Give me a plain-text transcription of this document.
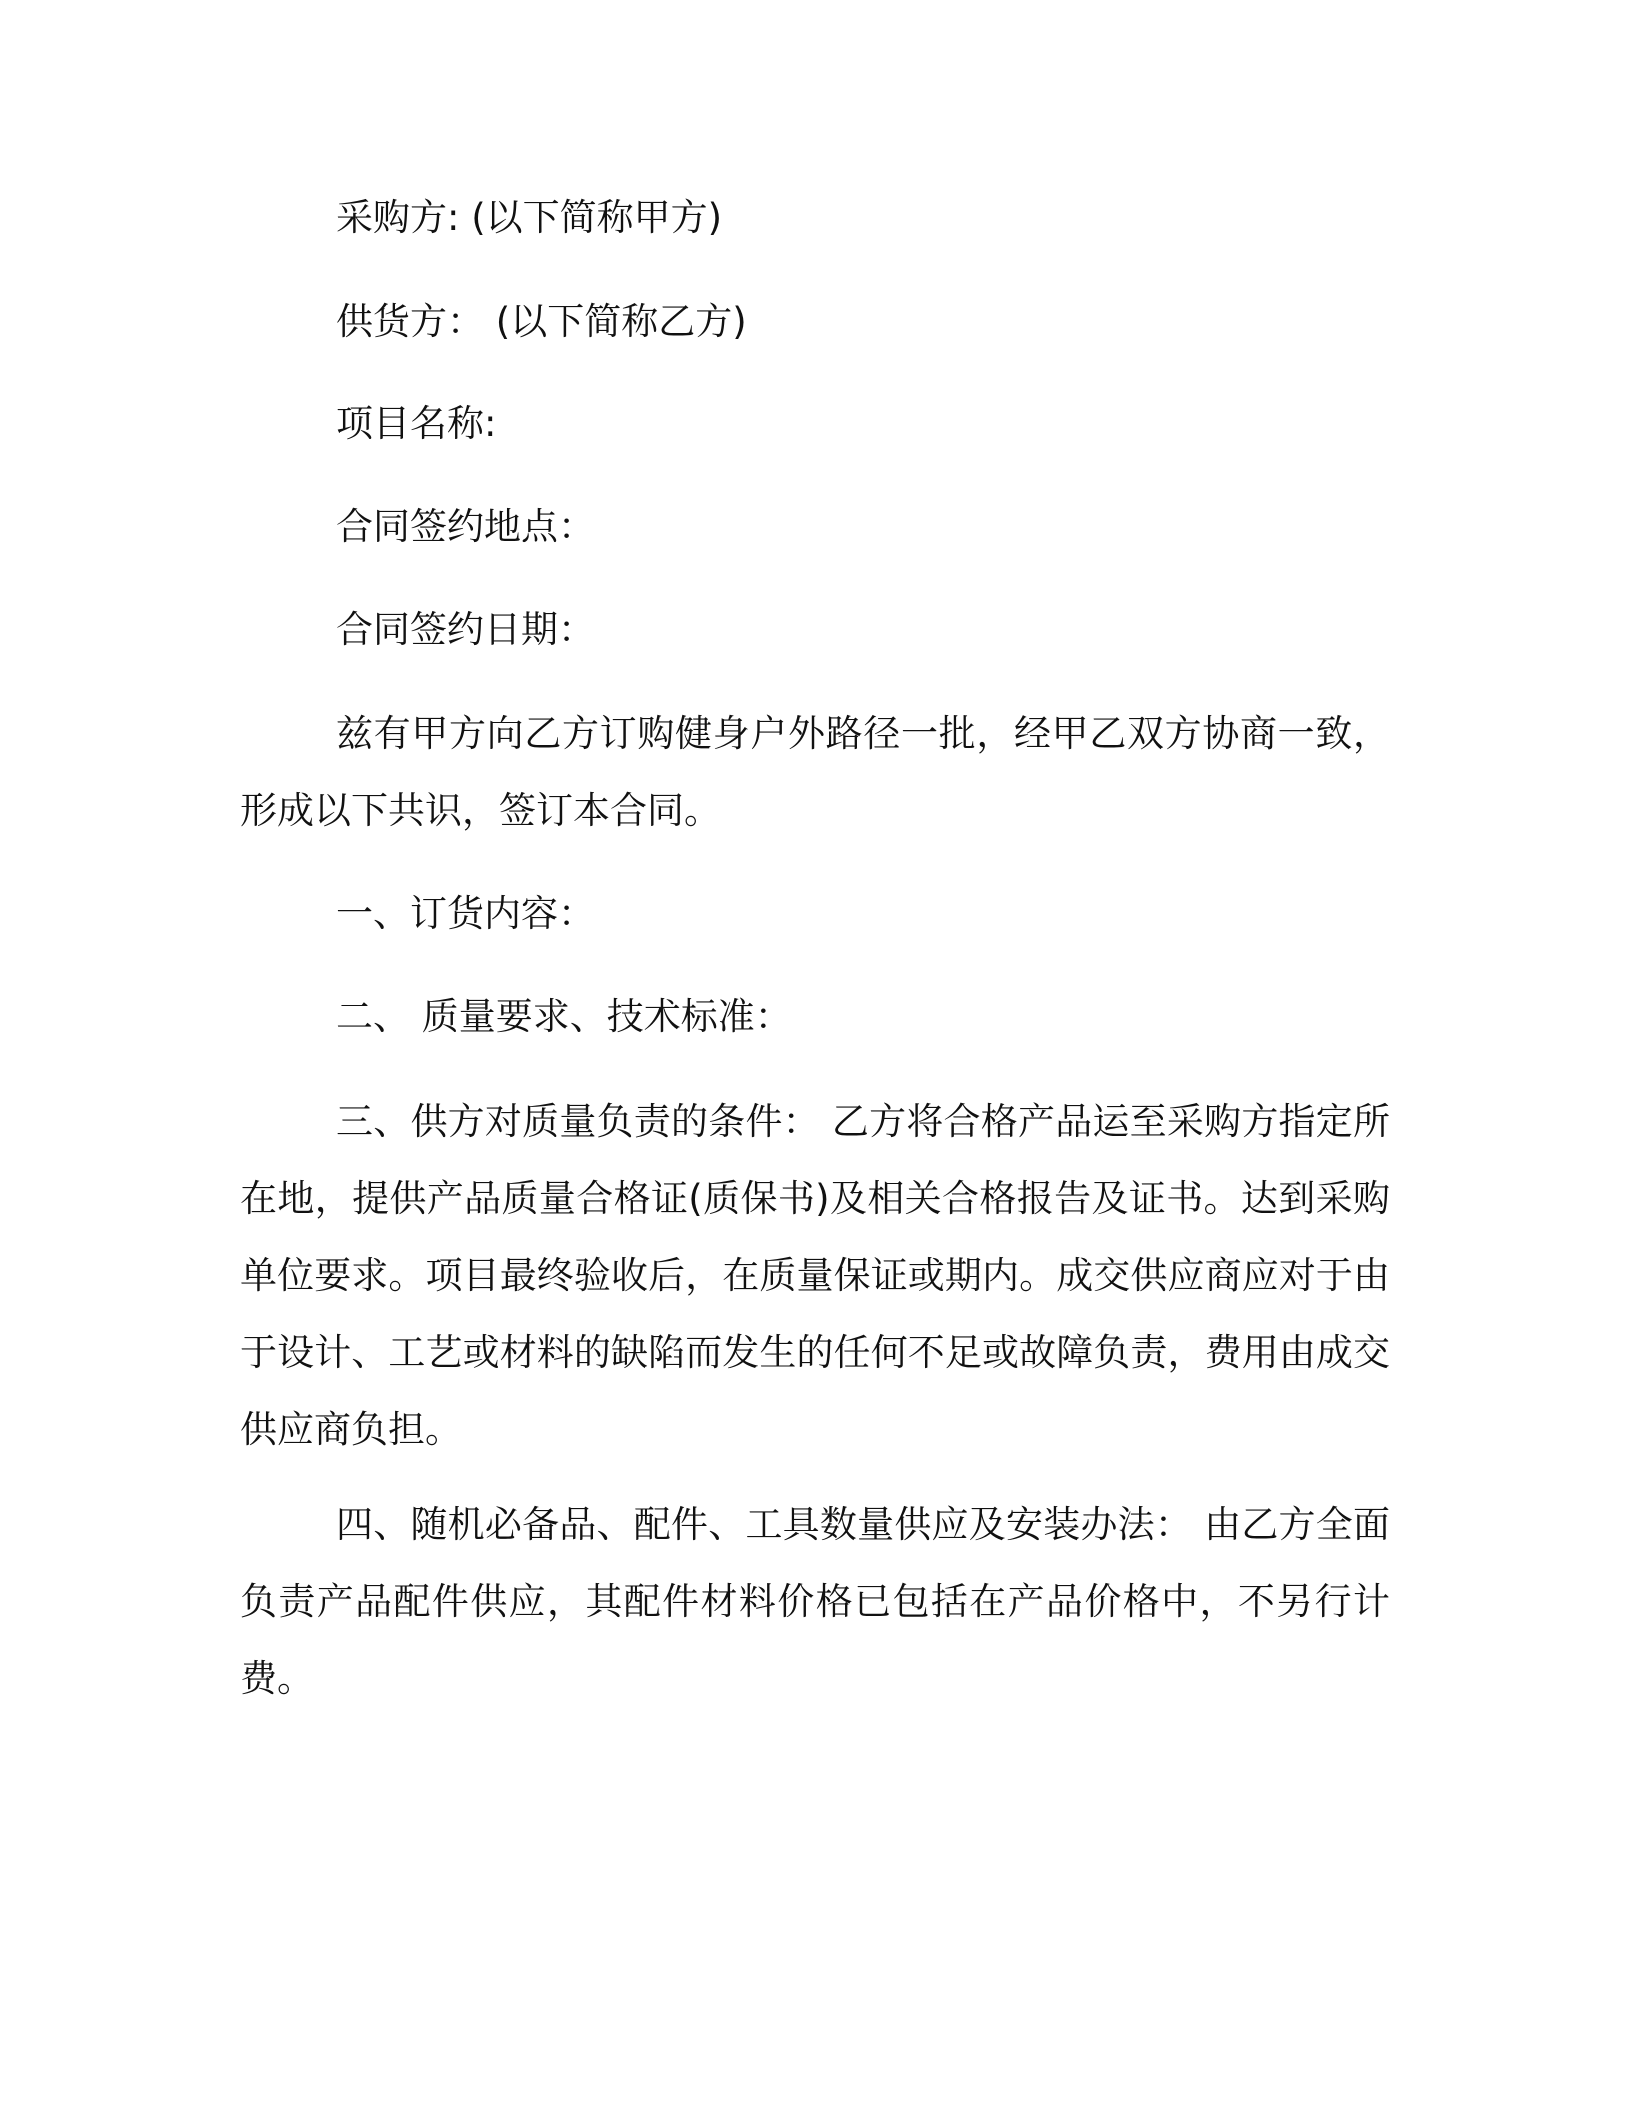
采购方: (以下简称甲方)
供货方： (以下简称乙方)
项目名称:
合同签约地点：
合同签约日期：
兹有甲方向乙方订购健身户外路径一批，经甲乙双方协商一致，形成以下共识，签订本合同。
一、订货内容：
二、 质量要求、技术标准：
三、供方对质量负责的条件： 乙方将合格产品运至采购方指定所在地，提供产品质量合格证(质保书)及相关合格报告及证书。达到采购单位要求。项目最终验收后，在质量保证或期内。成交供应商应对于由于设计、工艺或材料的缺陷而发生的任何不足或故障负责，费用由成交供应商负担。
四、随机必备品、配件、工具数量供应及安装办法： 由乙方全面负责产品配件供应，其配件材料价格已包括在产品价格中，不另行计费。
